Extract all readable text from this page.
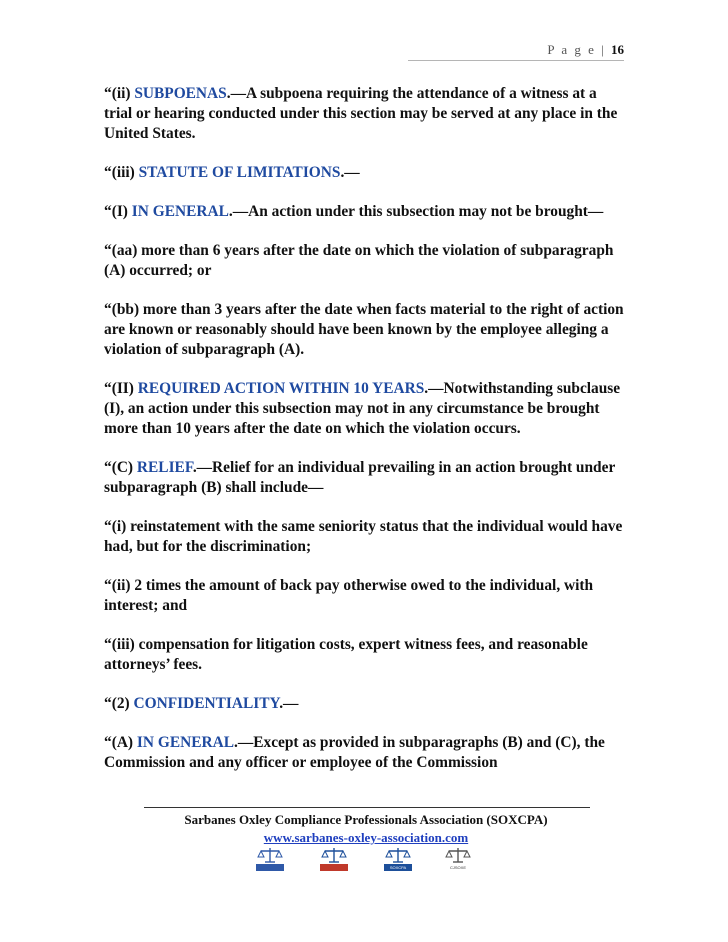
P a g e | 16

“(ii) SUBPOENAS.—A subpoena requiring the attendance of a witness at a trial or hearing conducted under this section may be served at any place in the United States.

“(iii) STATUTE OF LIMITATIONS.—

“(I) IN GENERAL.—An action under this subsection may not be brought—

“(aa) more than 6 years after the date on which the violation of subparagraph (A) occurred; or

“(bb) more than 3 years after the date when facts material to the right of action are known or reasonably should have been known by the employee alleging a violation of subparagraph (A).

“(II) REQUIRED ACTION WITHIN 10 YEARS.—Notwithstanding subclause (I), an action under this subsection may not in any circumstance be brought more than 10 years after the date on which the violation occurs.

“(C) RELIEF.—Relief for an individual prevailing in an action brought under subparagraph (B) shall include—

“(i) reinstatement with the same seniority status that the individual would have had, but for the discrimination;

“(ii) 2 times the amount of back pay otherwise owed to the individual, with interest; and

“(iii) compensation for litigation costs, expert witness fees, and reasonable attorneys’ fees.

“(2) CONFIDENTIALITY.—

“(A) IN GENERAL.—Except as provided in subparagraphs (B) and (C), the Commission and any officer or employee of the Commission

Sarbanes Oxley Compliance Professionals Association (SOXCPA)
www.sarbanes-oxley-association.com
SOXCPA	CJSOXE
